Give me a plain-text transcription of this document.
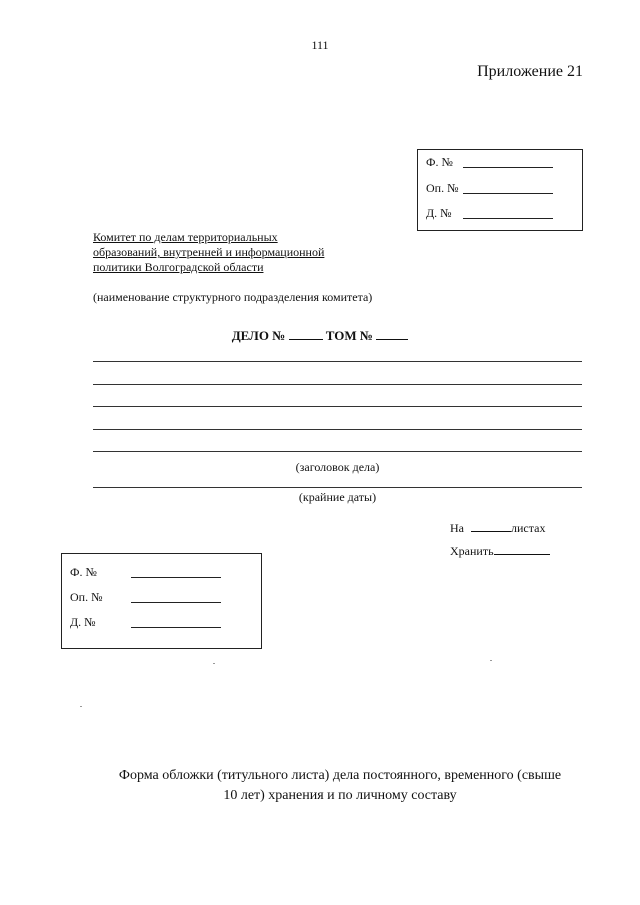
111
Приложение 21
Ф. №
Оп. №
Д. №
Комитет по делам территориальных
образований, внутренней и информационной
политики Волгоградской области
(наименование структурного подразделения комитета)
ДЕЛО №	ТОМ №
(заголовок дела)
(крайние даты)
На	листах
Хранить
Ф. №
Оп. №
Д. №
Форма обложки (титульного листа) дела постоянного, временного (свыше
10 лет) хранения и по личному составу
